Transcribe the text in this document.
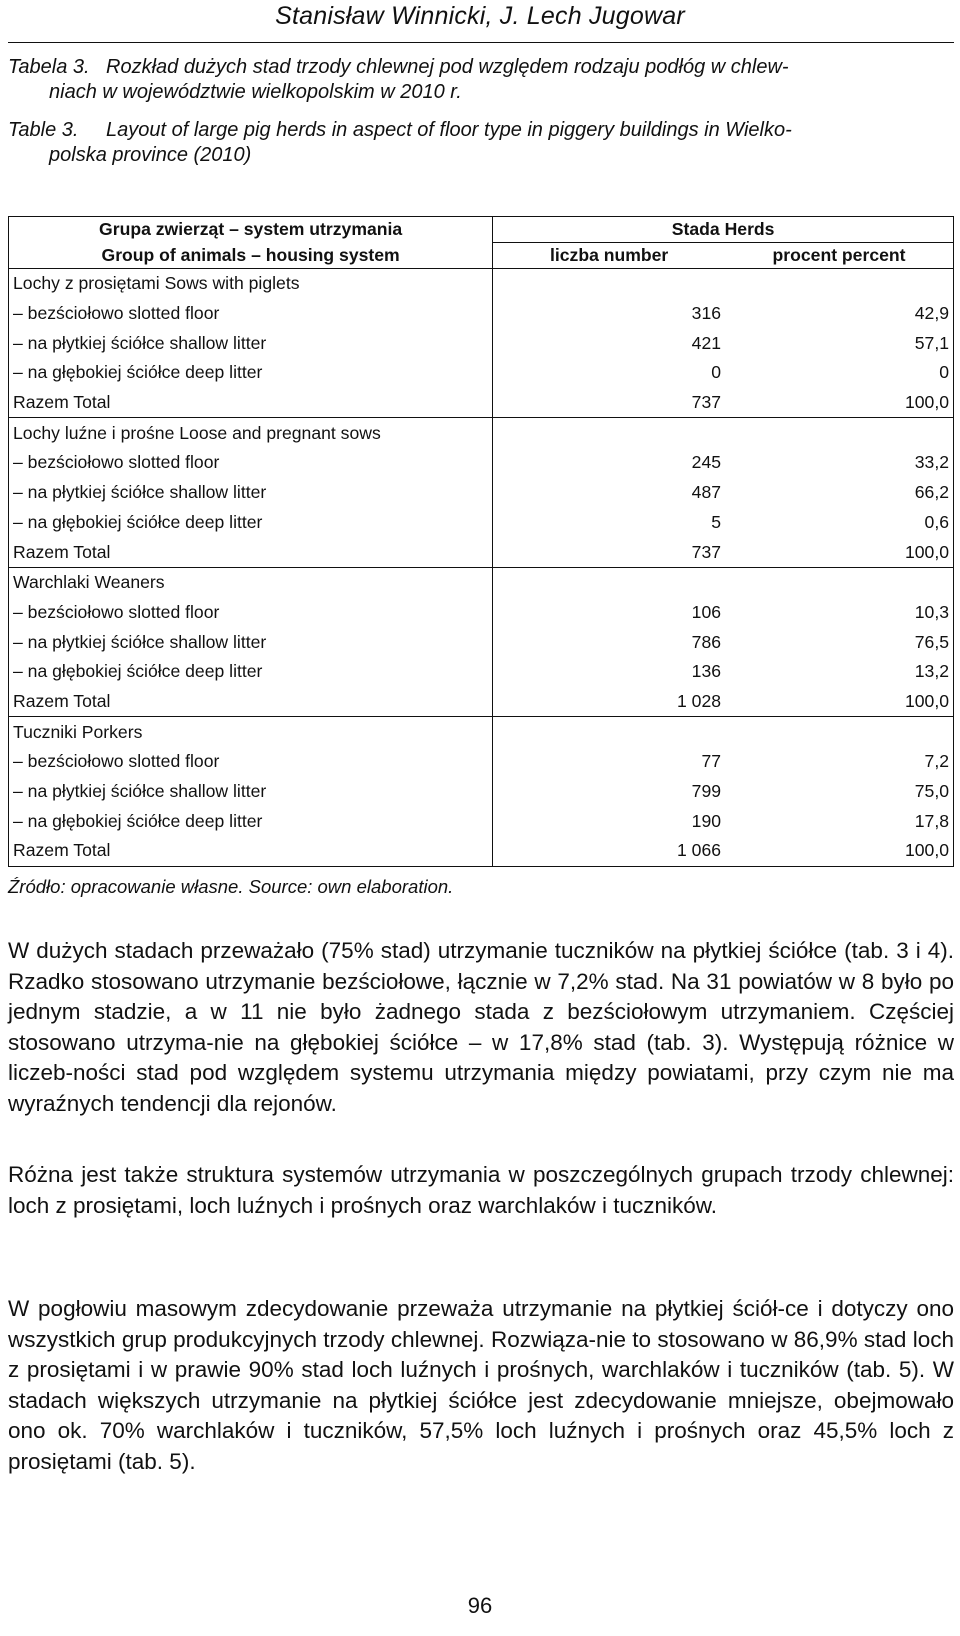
Stanisław Winnicki, J. Lech Jugowar
Tabela 3. Rozkład dużych stad trzody chlewnej pod względem rodzaju podłóg w chlew-
niach w województwie wielkopolskim w 2010 r.
Table 3. Layout of large pig herds in aspect of floor type in piggery buildings in Wielko-
polska province (2010)
Grupa zwierząt – system utrzymania	Stada Herds	
Group of animals – housing system	liczba number	procent percent
Lochy z prosiętami Sows with piglets		
– bezściołowo slotted floor	316	42,9
– na płytkiej ściółce shallow litter	421	57,1
– na głębokiej ściółce deep litter	0	0
Razem Total	737	100,0
Lochy luźne i prośne Loose and pregnant sows		
– bezściołowo slotted floor	245	33,2
– na płytkiej ściółce shallow litter	487	66,2
– na głębokiej ściółce deep litter	5	0,6
Razem Total	737	100,0
Warchlaki Weaners		
– bezściołowo slotted floor	106	10,3
– na płytkiej ściółce shallow litter	786	76,5
– na głębokiej ściółce deep litter	136	13,2
Razem Total	1 028	100,0
Tuczniki Porkers		
– bezściołowo slotted floor	77	7,2
– na płytkiej ściółce shallow litter	799	75,0
– na głębokiej ściółce deep litter	190	17,8
Razem Total	1 066	100,0
Źródło: opracowanie własne. Source: own elaboration.

W dużych stadach przeważało (75% stad) utrzymanie tuczników na płytkiej ściółce (tab. 3 i 4). Rzadko stosowano utrzymanie bezściołowe, łącznie w 7,2% stad. Na 31 powiatów w 8 było po jednym stadzie, a w 11 nie było żadnego stada z bezściołowym utrzymaniem. Częściej stosowano utrzyma-nie na głębokiej ściółce – w 17,8% stad (tab. 3). Występują różnice w liczeb-ności stad pod względem systemu utrzymania między powiatami, przy czym nie ma wyraźnych tendencji dla rejonów.

Różna jest także struktura systemów utrzymania w poszczególnych grupach trzody chlewnej: loch z prosiętami, loch luźnych i prośnych oraz warchlaków i tuczników.

W pogłowiu masowym zdecydowanie przeważa utrzymanie na płytkiej ściół-ce i dotyczy ono wszystkich grup produkcyjnych trzody chlewnej. Rozwiąza-nie to stosowano w 86,9% stad loch z prosiętami i w prawie 90% stad loch luźnych i prośnych, warchlaków i tuczników (tab. 5). W stadach większych utrzymanie na płytkiej ściółce jest zdecydowanie mniejsze, obejmowało ono ok. 70% warchlaków i tuczników, 57,5% loch luźnych i prośnych oraz 45,5% loch z prosiętami (tab. 5).

96
